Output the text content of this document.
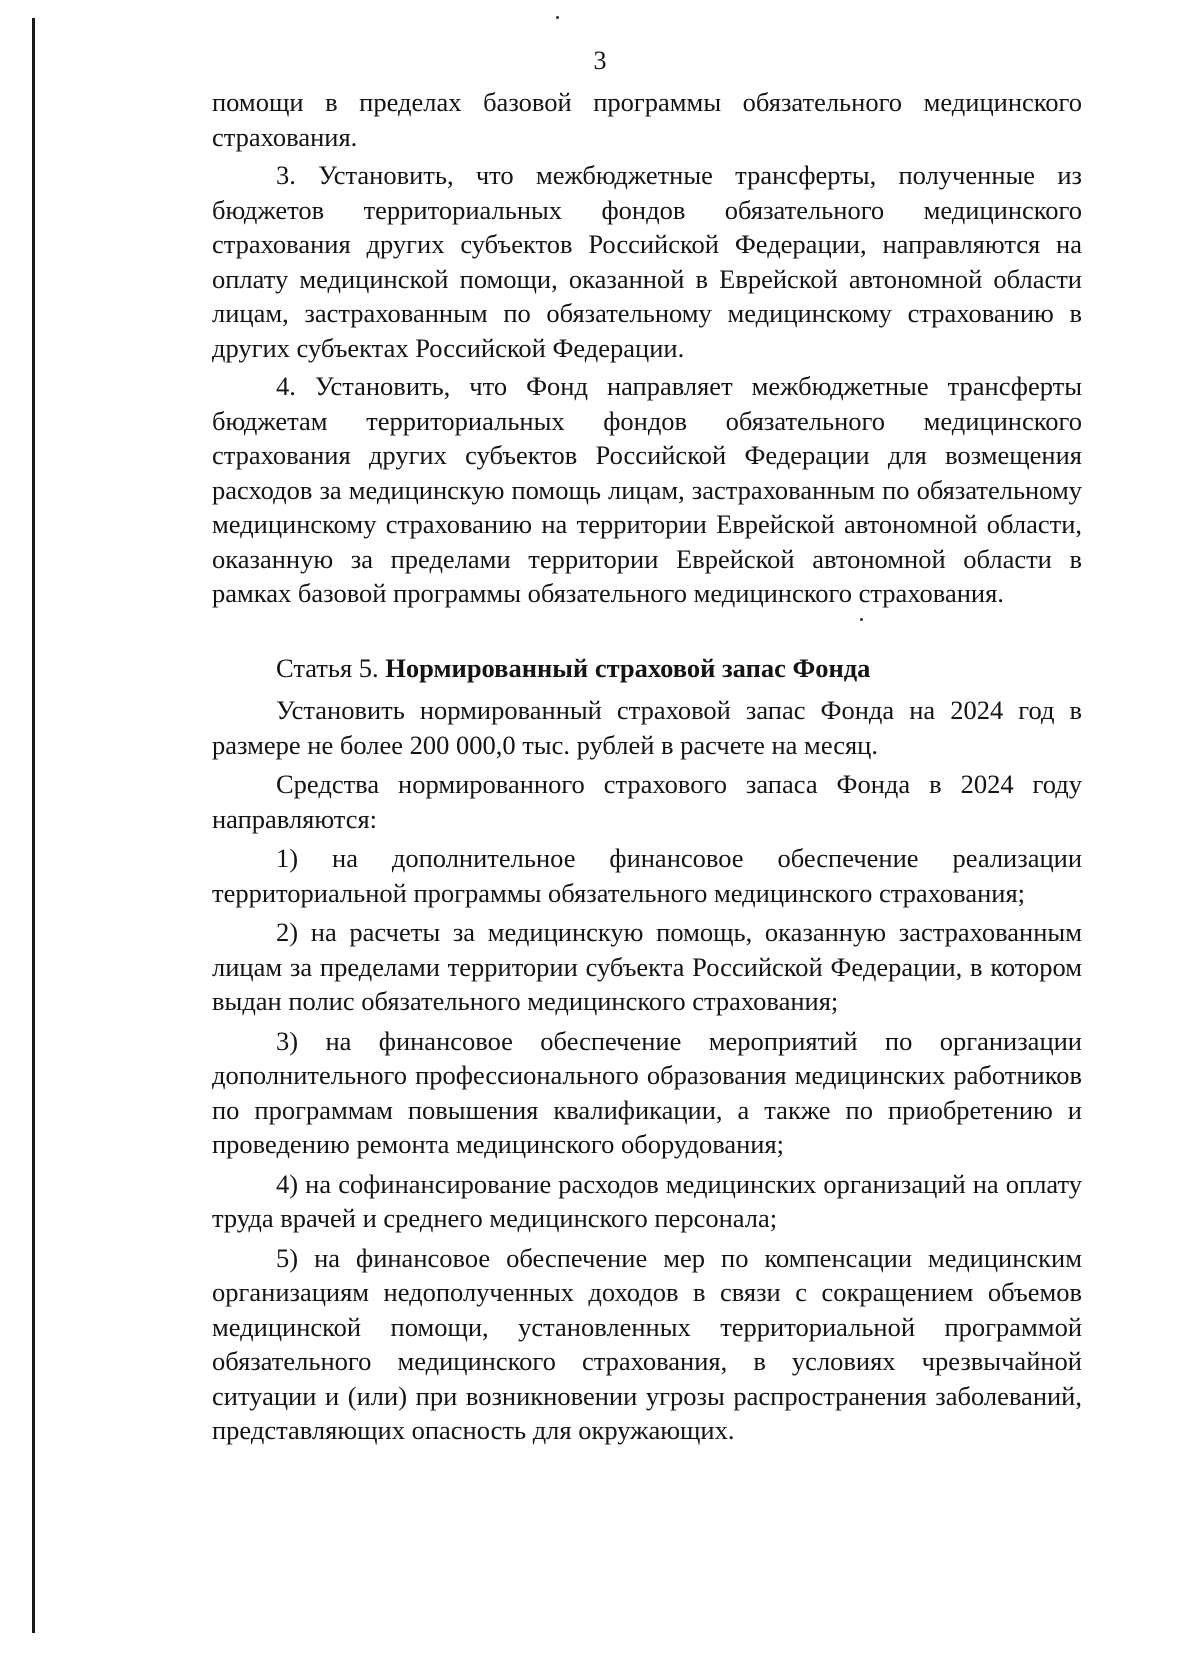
3

помощи в пределах базовой программы обязательного медицинского страхования.

3. Установить, что межбюджетные трансферты, полученные из бюджетов территориальных фондов обязательного медицинского страхования других субъектов Российской Федерации, направляются на оплату медицинской помощи, оказанной в Еврейской автономной области лицам, застрахованным по обязательному медицинскому страхованию в других субъектах Российской Федерации.

4. Установить, что Фонд направляет межбюджетные трансферты бюджетам территориальных фондов обязательного медицинского страхования других субъектов Российской Федерации для возмещения расходов за медицинскую помощь лицам, застрахованным по обязательному медицинскому страхованию на территории Еврейской автономной области, оказанную за пределами территории Еврейской автономной области в рамках базовой программы обязательного медицинского страхования.

Статья 5. Нормированный страховой запас Фонда

Установить нормированный страховой запас Фонда на 2024 год в размере не более 200 000,0 тыс. рублей в расчете на месяц.

Средства нормированного страхового запаса Фонда в 2024 году направляются:

1) на дополнительное финансовое обеспечение реализации территориальной программы обязательного медицинского страхования;

2) на расчеты за медицинскую помощь, оказанную застрахованным лицам за пределами территории субъекта Российской Федерации, в котором выдан полис обязательного медицинского страхования;

3) на финансовое обеспечение мероприятий по организации дополнительного профессионального образования медицинских работников по программам повышения квалификации, а также по приобретению и проведению ремонта медицинского оборудования;

4) на софинансирование расходов медицинских организаций на оплату труда врачей и среднего медицинского персонала;

5) на финансовое обеспечение мер по компенсации медицинским организациям недополученных доходов в связи с сокращением объемов медицинской помощи, установленных территориальной программой обязательного медицинского страхования, в условиях чрезвычайной ситуации и (или) при возникновении угрозы распространения заболеваний, представляющих опасность для окружающих.
